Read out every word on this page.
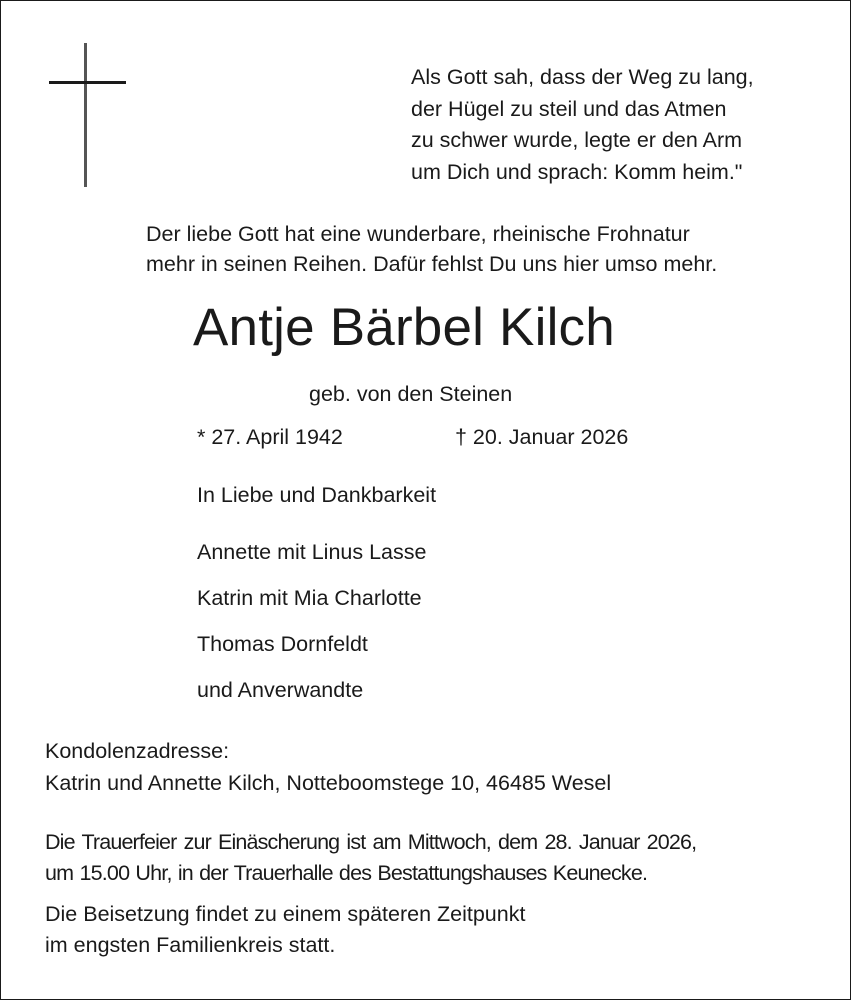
Als Gott sah, dass der Weg zu lang,
der Hügel zu steil und das Atmen
zu schwer wurde, legte er den Arm
um Dich und sprach: Komm heim."
Der liebe Gott hat eine wunderbare, rheinische Frohnatur
mehr in seinen Reihen. Dafür fehlst Du uns hier umso mehr.
Antje Bärbel Kilch
geb. von den Steinen
* 27. April 1942	† 20. Januar 2026
In Liebe und Dankbarkeit
Annette mit Linus Lasse
Katrin mit Mia Charlotte
Thomas Dornfeldt
und Anverwandte
Kondolenzadresse:
Katrin und Annette Kilch, Notteboomstege 10, 46485 Wesel
Die Trauerfeier zur Einäscherung ist am Mittwoch, dem 28. Januar 2026,
um 15.00 Uhr, in der Trauerhalle des Bestattungshauses Keunecke.
Die Beisetzung findet zu einem späteren Zeitpunkt
im engsten Familienkreis statt.
